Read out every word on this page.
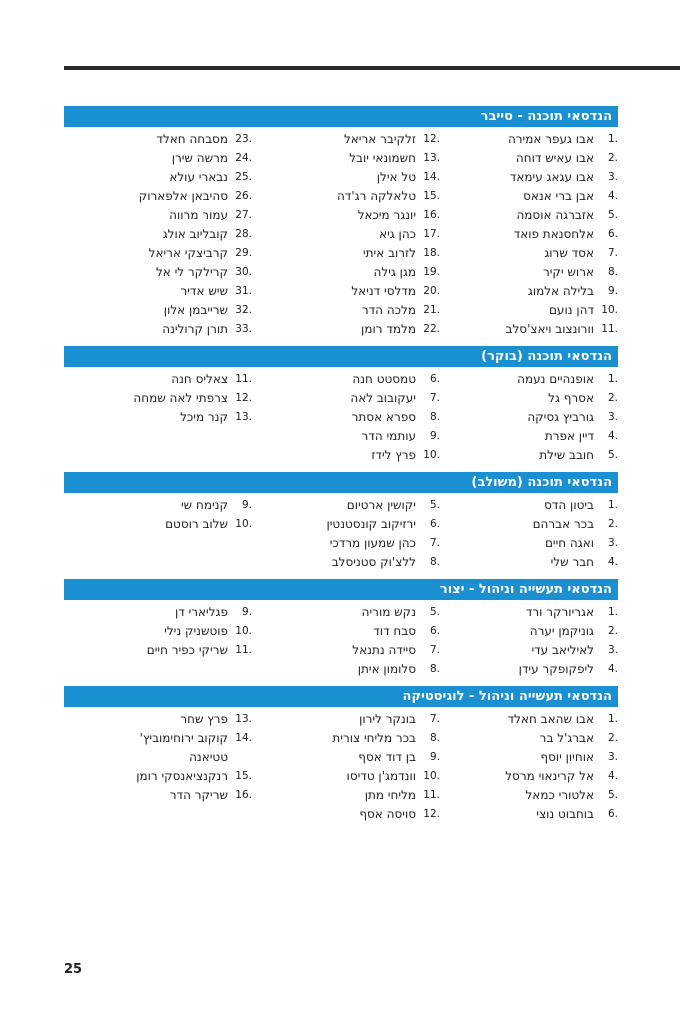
הנדסאי תוכנה - סייבר
1.
אבו געפר אמירה
2.
אבו עאיש דוחה
3.
אבו עגאג עימאד
4.
אבן ברי אנאס
5.
אזברגה אוסמה
6.
אלחסנאת פואד
7.
אסד שרוג
8.
ארוש יקיר
9.
בלילה אלמוג
10.
דהן נועם
11.
וורונצוב ויאצ'סלב
12.
זלקיבר אריאל
13.
חשמונאי יובל
14.
טל אילן
15.
טלאלקה רג'דה
16.
יונגר מיכאל
17.
כהן גיא
18.
לזרוב איתי
19.
מגן גילה
20.
מדלסי דניאל
21.
מלכה הדר
22.
מלמד רומן
23.
מסבחה חאלד
24.
מרשה שירן
25.
נבארי עולא
26.
סהיבאן אלפארוק
27.
עמור מרווה
28.
קובליוב אולג
29.
קרביצקי אריאל
30.
קרילקר לי אל
31.
שיש אדיר
32.
שרייבמן אלון
33.
תורן קרולינה
הנדסאי תוכנה (בוקר)
1.
אופנהיים נעמה
2.
אסרף גל
3.
גורביץ גסיקה
4.
דיין אפרת
5.
חובב שילת
6.
טמסטט חנה
7.
יעקובוב לאה
8.
ספרא אסתר
9.
עותמי הדר
10.
פרץ לידז
11.
צאליס חנה
12.
צרפתי לאה שמחה
13.
קנר מיכל
הנדסאי תוכנה (משולב)
1.
ביטון הדס
2.
בכר אברהם
3.
ואגה חיים
4.
חבר שלי
5.
יקושין ארטיום
6.
ירזיקוב קונסטנטין
7.
כהן שמעון מרדכי
8.
ללצ'וק סטניסלב
9.
קנימח שי
10.
שלוב רוסטם
הנדסאי תעשייה וניהול - יצור
1.
אגריורקר ורד
2.
גוניקמן יערה
3.
לאיליאב עדי
4.
ליפקופקר עידן
5.
נקש מוריה
6.
סבח דוד
7.
סיידה נתנאל
8.
סלומון איתן
9.
פגליארי דן
10.
פוטשניק נילי
11.
שריקי כפיר חיים
הנדסאי תעשייה וניהול - לוגיסטיקה
1.
אבו שהאב חאלד
2.
אברג'ל בר
3.
אוחיון יוסף
4.
אל קרינאוי מרסל
5.
אלטורי כמאל
6.
בוחבוט נוצי
7.
בונקר לירון
8.
בכר מליחי צורית
9.
בן דוד אסף
10.
וונדמג'ן טדיסו
11.
מליחי מתן
12.
סויסה אסף
13.
פרץ שחר
14.
קוקוב ירוחימוביץ'
טטיאנה
15.
רנקנציאנסקי רומן
16.
שריקר הדר
25
